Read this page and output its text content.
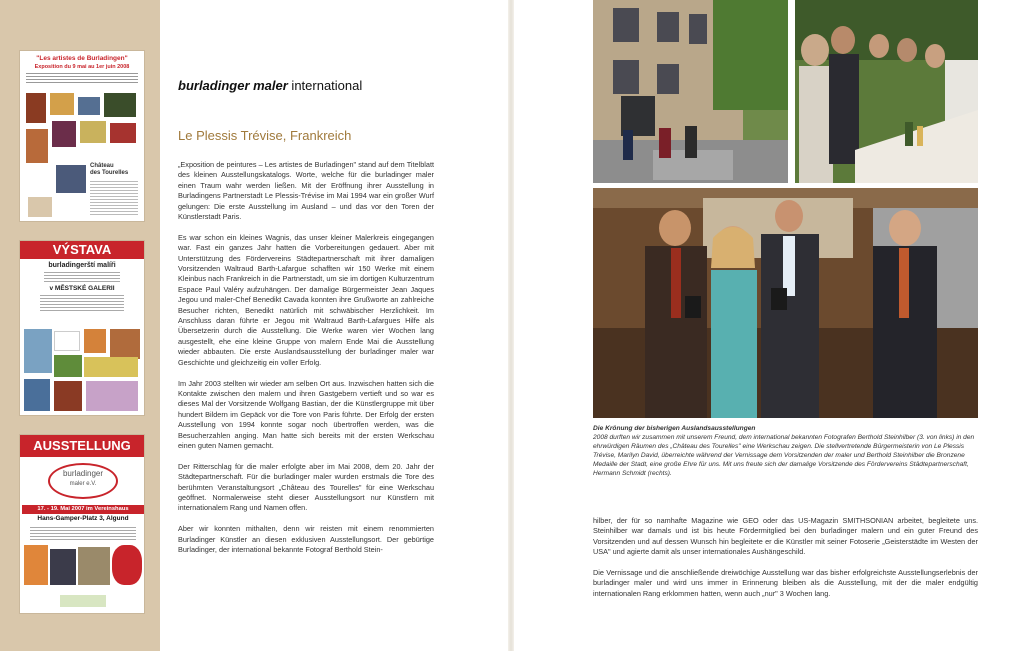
"Les artistes de Burladingen"
Exposition du 9 mai au 1er juin 2008
Château
des Tourelles
VÝSTAVA
burladingerští malíři
v MĚSTSKÉ GALERII
AUSSTELLUNG
burladinger
maler e.V.
17. - 19. Mai 2007 im Vereinshaus
Hans-Gamper-Platz 3, Algund
burladinger maler international
Le Plessis Trévise, Frankreich

„Exposition de peintures – Les artistes de Burladingen" stand auf dem Titelblatt des kleinen Ausstellungskatalogs. Worte, welche für die burladinger maler einen Traum wahr werden ließen. Mit der Eröffnung ihrer Ausstellung in Burladingens Partnerstadt Le Plessis-Trévise im Mai 1994 war ein großer Wurf gelungen: Die erste Ausstellung im Ausland – und das vor den Toren der Künstlerstadt Paris.

Es war schon ein kleines Wagnis, das unser kleiner Malerkreis eingegangen war. Fast ein ganzes Jahr hatten die Vorbereitungen gedauert. Aber mit Unterstützung des Fördervereins Städtepartnerschaft mit ihrer damaligen Vorsitzenden Waltraud Barth-Lafargue schafften wir 150 Werke mit einem Kleinbus nach Frankreich in die Partnerstadt, um sie im dortigen Kulturzentrum Espace Paul Valéry aufzuhängen. Der damalige Bürgermeister Jean Jaques Jegou und maler-Chef Benedikt Cavada konnten ihre Grußworte an zahlreiche Besucher richten, Benedikt natürlich mit schwäbischer Herzlichkeit. Im Anschluss daran führte er Jegou mit Waltraud Barth-Lafargues Hilfe als Übersetzerin durch die Ausstellung. Die Werke waren vier Wochen lang ausgestellt, ehe eine kleine Gruppe von malern Ende Mai die Ausstellung wieder abbauten. Die erste Auslandsausstellung der burladinger maler war Geschichte und gleichzeitig ein voller Erfolg.

Im Jahr 2003 stellten wir wieder am selben Ort aus. Inzwischen hatten sich die Kontakte zwischen den malern und ihren Gastgebern vertieft und so war es dieses Mal der Vorsitzende Wolfgang Bastian, der die Künstlergruppe mit über hundert Bildern im Gepäck vor die Tore von Paris führte. Der Erfolg der ersten Ausstellung von 1994 konnte sogar noch übertroffen werden, was die Besucherzahlen anging. Man hatte sich bereits mit der ersten Werkschau einen guten Namen gemacht.

Der Ritterschlag für die maler erfolgte aber im Mai 2008, dem 20. Jahr der Städtepartnerschaft. Für die burladinger maler wurden erstmals die Tore des berühmten Veranstaltungsort „Château des Tourelles" für eine Werkschau geöffnet. Normalerweise steht dieser Ausstellungsort nur Künstlern mit internationalem Rang und Namen offen.

Aber wir konnten mithalten, denn wir reisten mit einem renommierten Burladinger Künstler an diesen exklusiven Ausstellungsort. Der gebürtige Burladinger, der international bekannte Fotograf Berthold Stein-

Die Krönung der bisherigen Auslandsausstellungen
2008 durften wir zusammen mit unserem Freund, dem international bekannten Fotografen Berthold Steinhilber (3. von links) in den ehrwürdigen Räumen des „Château des Tourelles" eine Werkschau zeigen. Die stellvertretende Bürgermeisterin von Le Plessis Trévise, Marilyn David, überreichte während der Vernissage dem Vorsitzenden der maler und Berthold Steinhilber die Bronzene Medaille der Stadt, eine große Ehre für uns. Mit uns freute sich der damalige Vorsitzende des Fördervereins Städtepartnerschaft, Hermann Schmidt (rechts).

hilber, der für so namhafte Magazine wie GEO oder das US-Magazin SMITHSONIAN arbeitet, begleitete uns. Steinhilber war damals und ist bis heute Fördermitglied bei den burladinger malern und ein guter Freund des Vorsitzenden und auf dessen Wunsch hin begleitete er die Künstler mit seiner Fotoserie „Geisterstädte im Westen der USA" und agierte damit als unser internationales Aushängeschild.

Die Vernissage und die anschließende dreiwöchige Ausstellung war das bisher erfolgreichste Ausstellungserlebnis der burladinger maler und wird uns immer in Erinnerung bleiben als die Ausstellung, mit der die maler endgültig internationalen Rang erklommen hatten, wenn auch „nur" 3 Wochen lang.
